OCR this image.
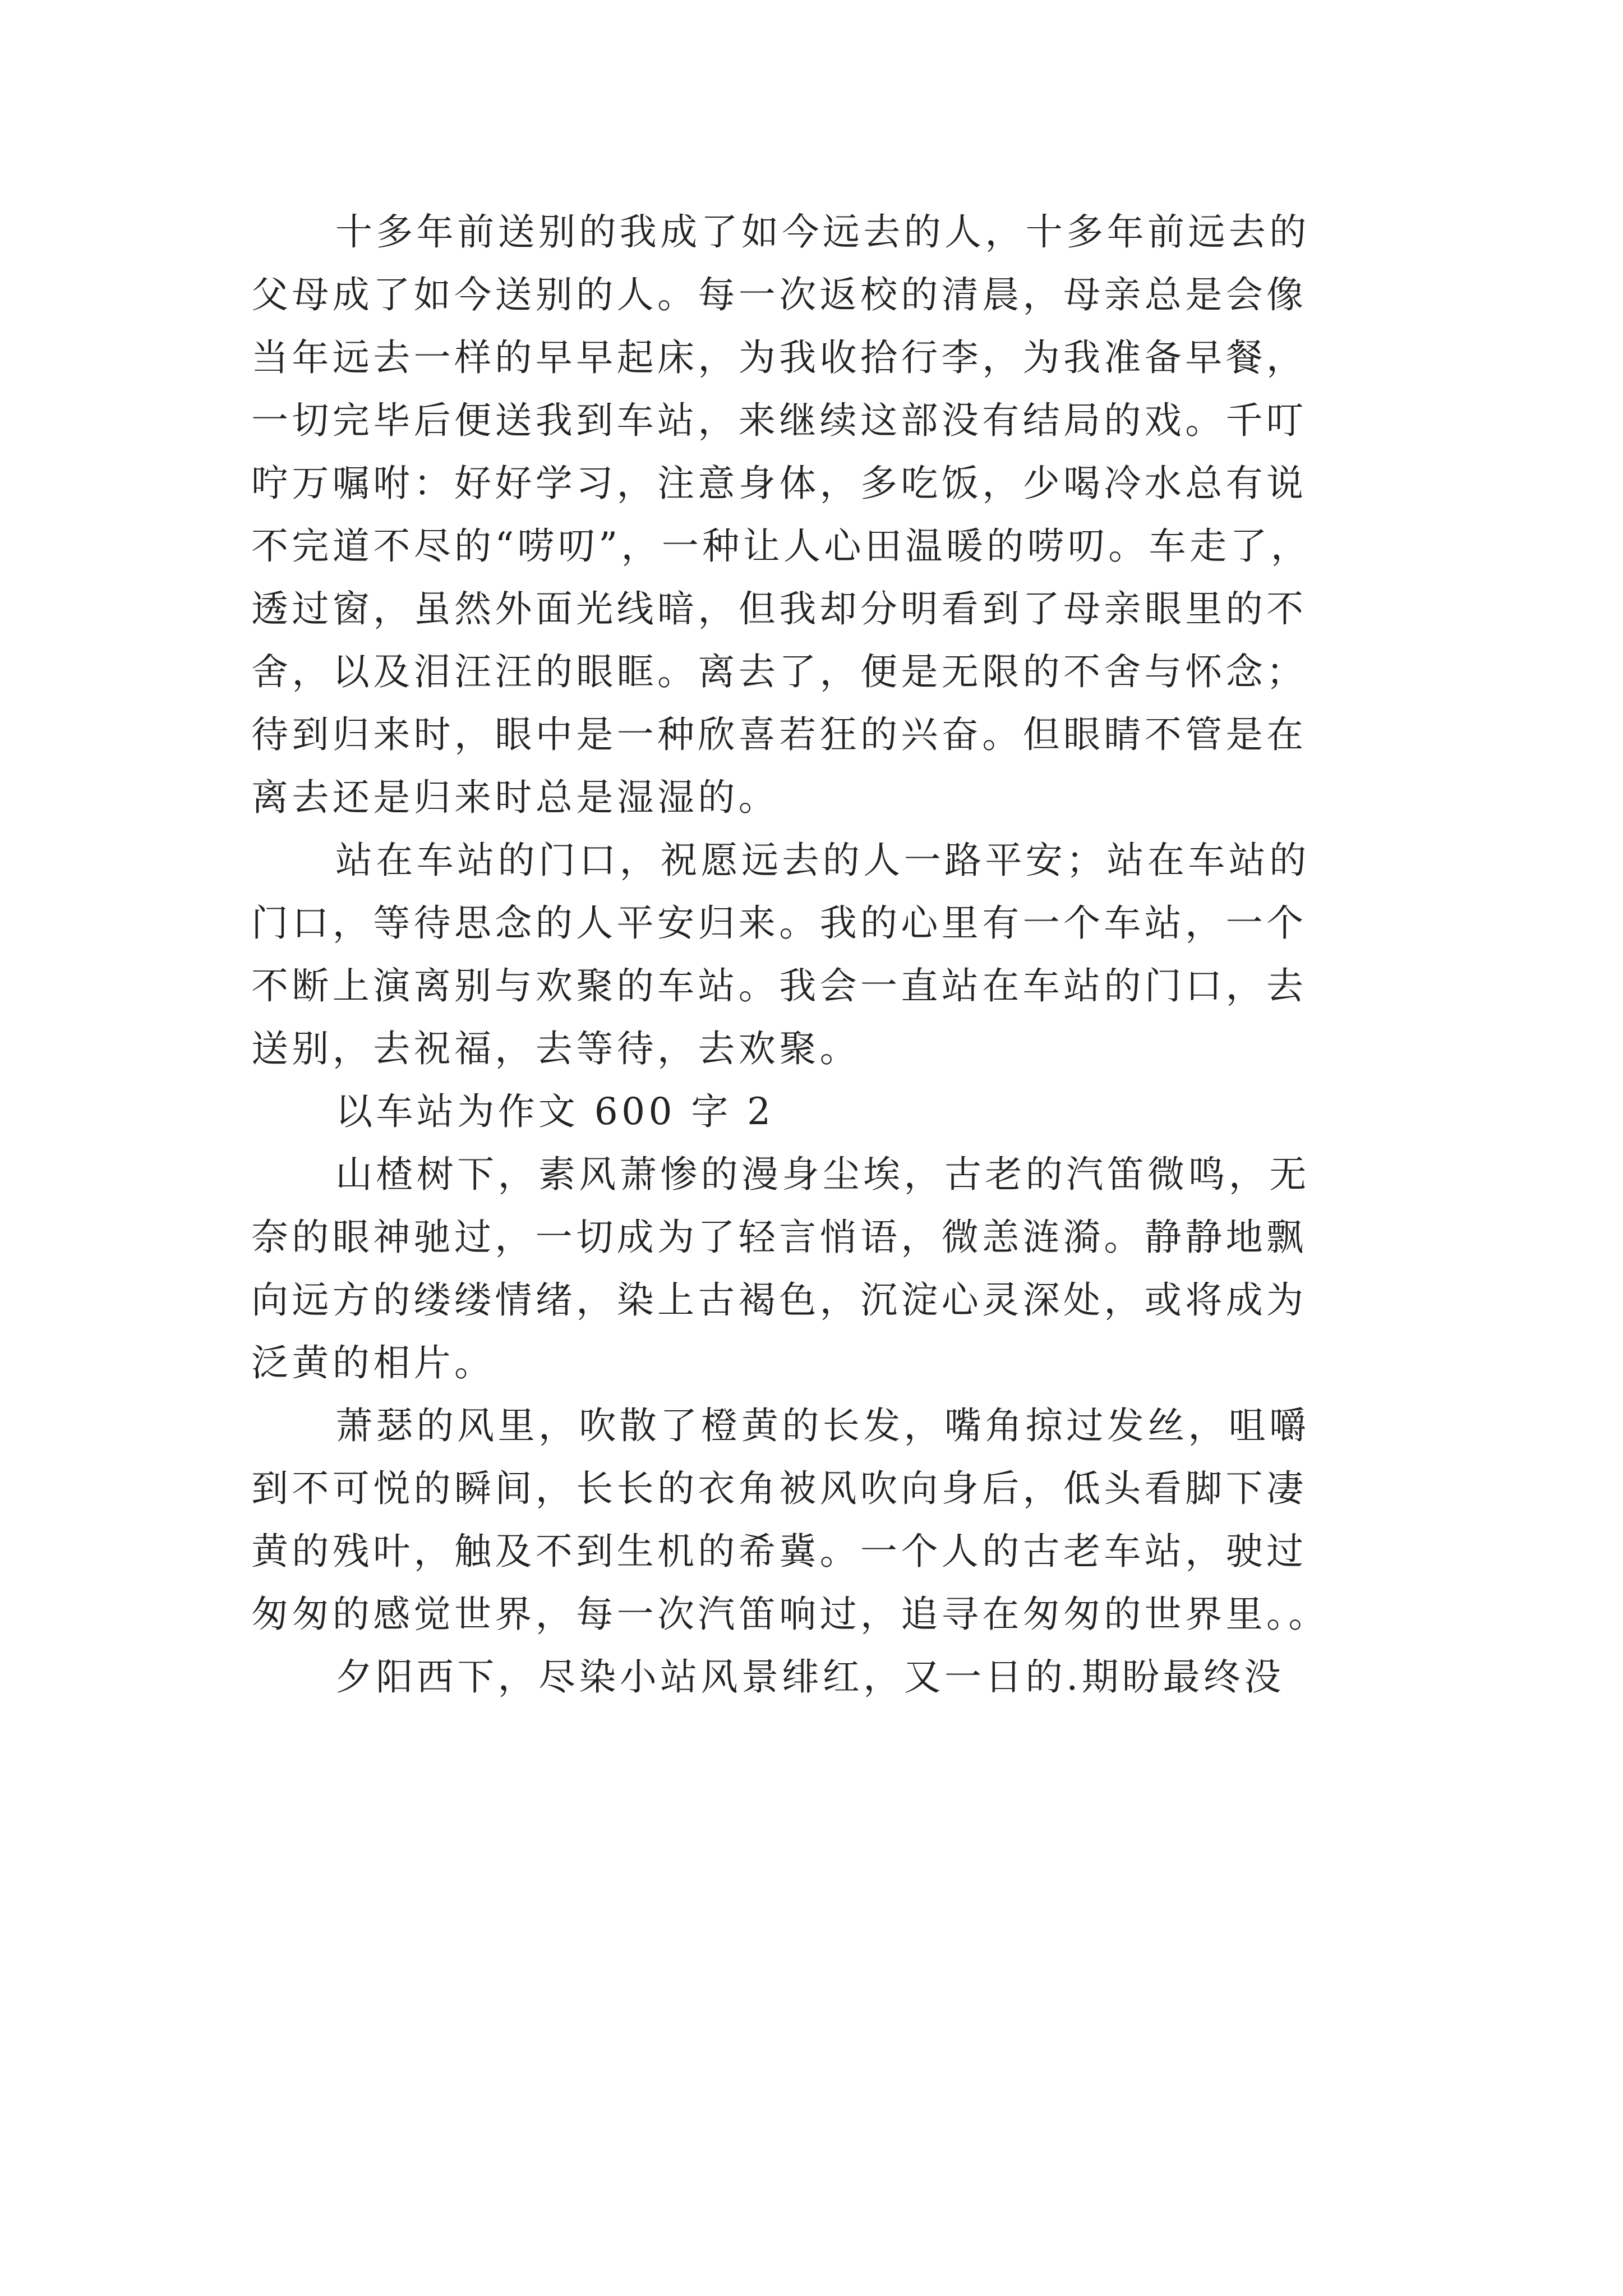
十多年前送别的我成了如今远去的人，十多年前远去的
父母成了如今送别的人。每一次返校的清晨，母亲总是会像
当年远去一样的早早起床，为我收拾行李，为我准备早餐，
一切完毕后便送我到车站，来继续这部没有结局的戏。千叮
咛万嘱咐：好好学习，注意身体，多吃饭，少喝冷水总有说
不完道不尽的“唠叨”，一种让人心田温暖的唠叨。车走了，
透过窗，虽然外面光线暗，但我却分明看到了母亲眼里的不
舍，以及泪汪汪的眼眶。离去了，便是无限的不舍与怀念；
待到归来时，眼中是一种欣喜若狂的兴奋。但眼睛不管是在
离去还是归来时总是湿湿的。
站在车站的门口，祝愿远去的人一路平安；站在车站的
门口，等待思念的人平安归来。我的心里有一个车站，一个
不断上演离别与欢聚的车站。我会一直站在车站的门口，去
送别，去祝福，去等待，去欢聚。
以车站为作文 600 字 2
山楂树下，素风萧惨的漫身尘埃，古老的汽笛微鸣，无
奈的眼神驰过，一切成为了轻言悄语，微恙涟漪。静静地飘
向远方的缕缕情绪，染上古褐色，沉淀心灵深处，或将成为
泛黄的相片。
萧瑟的风里，吹散了橙黄的长发，嘴角掠过发丝，咀嚼
到不可悦的瞬间，长长的衣角被风吹向身后，低头看脚下凄
黄的残叶，触及不到生机的希冀。一个人的古老车站，驶过
匆匆的感觉世界，每一次汽笛响过，追寻在匆匆的世界里。。
夕阳西下，尽染小站风景绯红，又一日的.期盼最终没
